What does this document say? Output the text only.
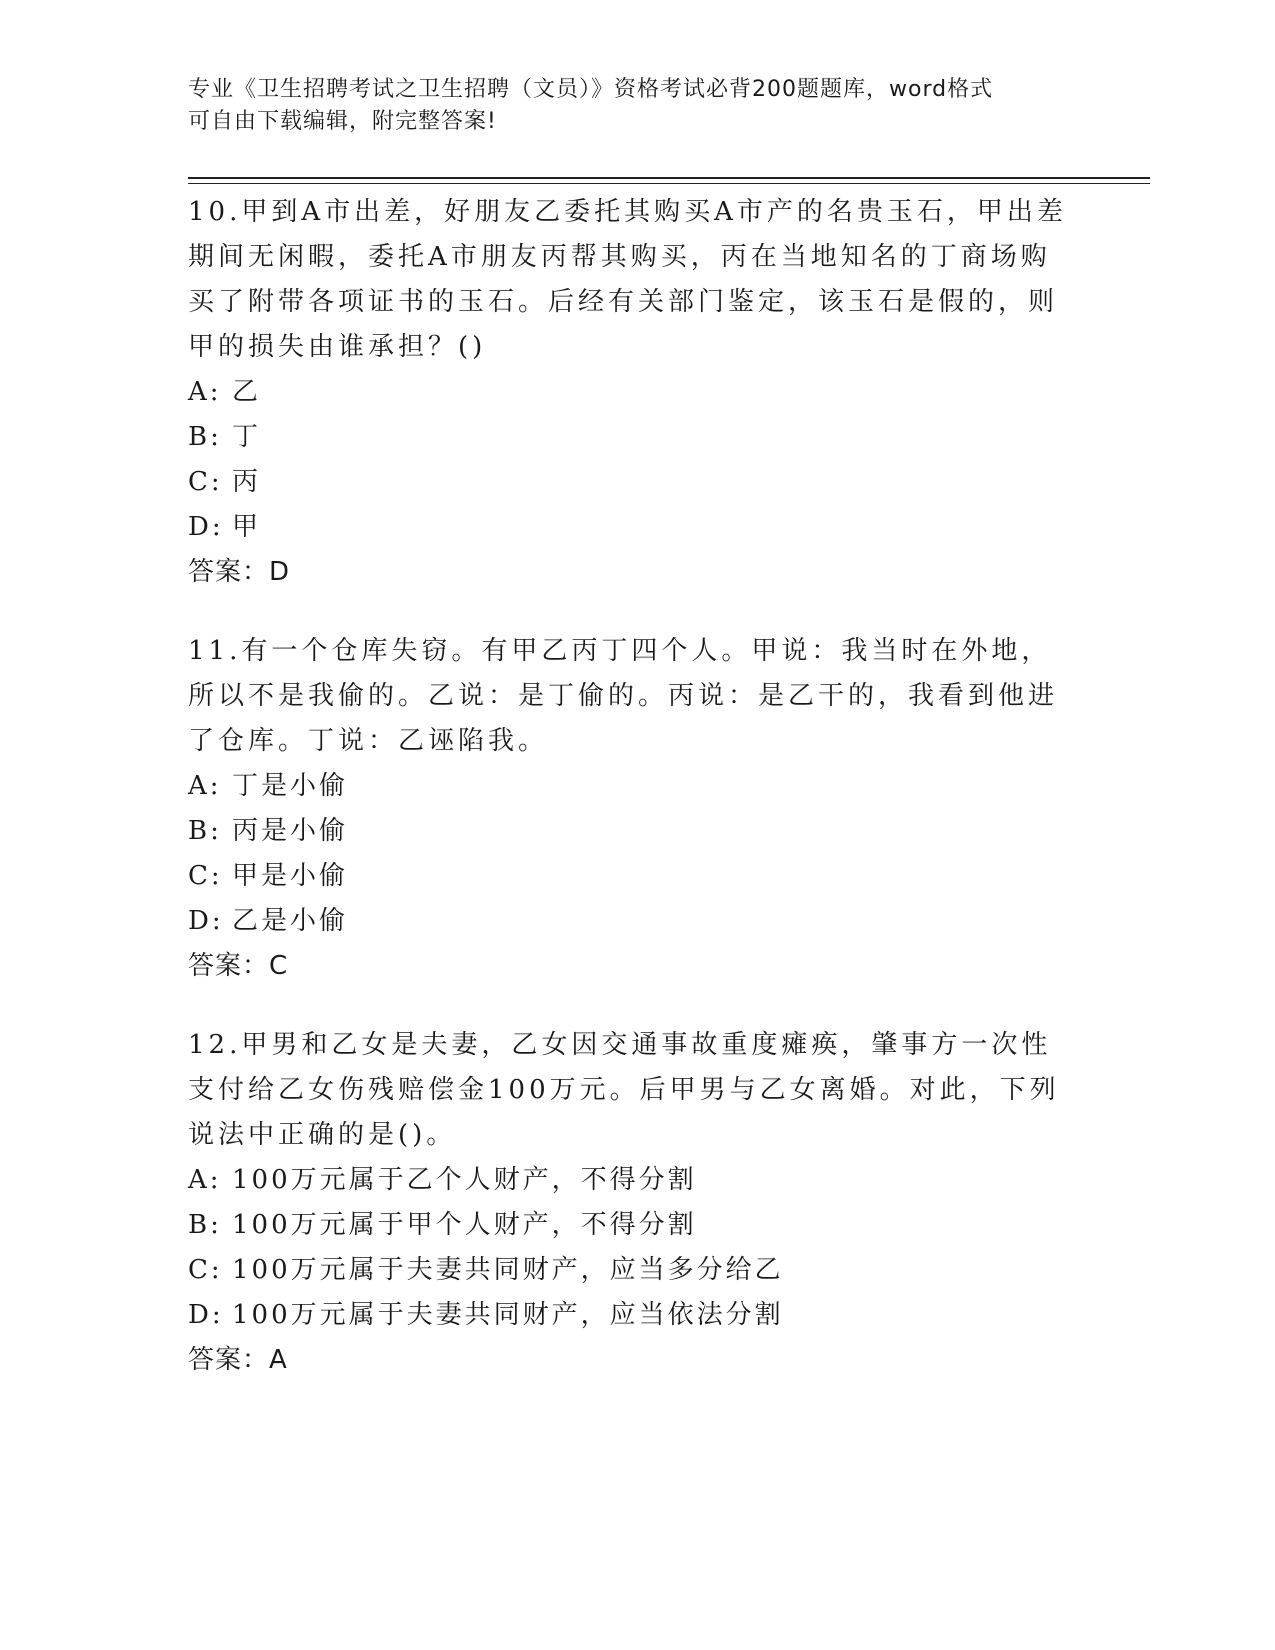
专业《卫生招聘考试之卫生招聘（文员）》资格考试必背200题题库，word格式
可自由下载编辑，附完整答案!

10.甲到A市出差，好朋友乙委托其购买A市产的名贵玉石，甲出差期间无闲暇，委托A市朋友丙帮其购买，丙在当地知名的丁商场购买了附带各项证书的玉石。后经有关部门鉴定，该玉石是假的，则甲的损失由谁承担？()

A: 乙
B: 丁
C: 丙
D: 甲
答案：D

11.有一个仓库失窃。有甲乙丙丁四个人。甲说：我当时在外地，所以不是我偷的。乙说：是丁偷的。丙说：是乙干的，我看到他进了仓库。丁说：乙诬陷我。

A: 丁是小偷
B: 丙是小偷
C: 甲是小偷
D: 乙是小偷
答案：C

12.甲男和乙女是夫妻，乙女因交通事故重度瘫痪，肇事方一次性支付给乙女伤残赔偿金100万元。后甲男与乙女离婚。对此，下列说法中正确的是()。

A: 100万元属于乙个人财产，不得分割
B: 100万元属于甲个人财产，不得分割
C: 100万元属于夫妻共同财产，应当多分给乙
D: 100万元属于夫妻共同财产，应当依法分割
答案：A
